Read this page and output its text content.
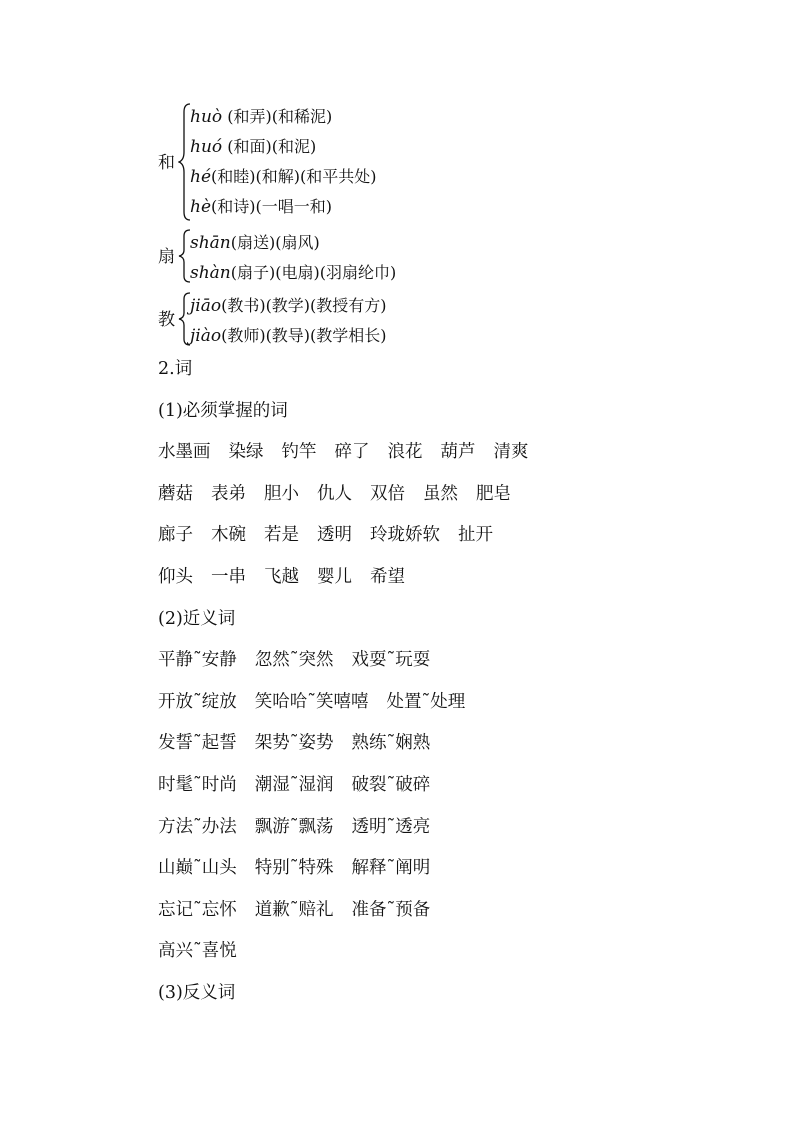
和
huò (和弄)(和稀泥)
huó (和面)(和泥)
hé(和睦)(和解)(和平共处)
hè(和诗)(一唱一和)
扇
shān(扇送)(扇风)
shàn(扇子)(电扇)(羽扇纶巾)
教
jiāo(教书)(教学)(教授有方)
jiào(教师)(教导)(教学相长)
2.词
(1)必须掌握的词
水墨画 染绿 钓竿 碎了 浪花 葫芦 清爽
蘑菇 表弟 胆小 仇人 双倍 虽然 肥皂
廊子 木碗 若是 透明 玲珑娇软 扯开
仰头 一串 飞越 婴儿 希望
(2)近义词
平静˜安静 忽然˜突然 戏耍˜玩耍
开放˜绽放 笑哈哈˜笑嘻嘻 处置˜处理
发誓˜起誓 架势˜姿势 熟练˜娴熟
时髦˜时尚 潮湿˜湿润 破裂˜破碎
方法˜办法 飘游˜飘荡 透明˜透亮
山巅˜山头 特别˜特殊 解释˜阐明
忘记˜忘怀 道歉˜赔礼 准备˜预备
高兴˜喜悦
(3)反义词
